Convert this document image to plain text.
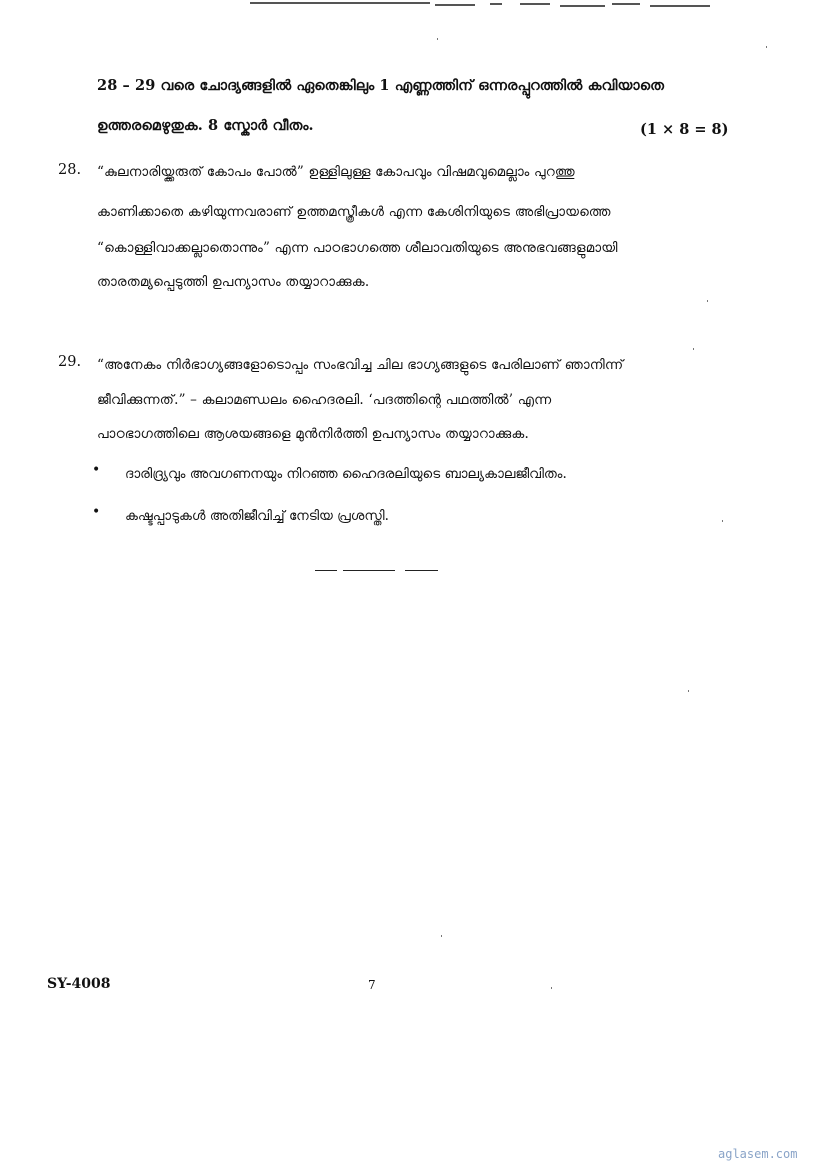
28 – 29 വരെ ചോദ്യങ്ങളിൽ ഏതെങ്കിലും 1 എണ്ണത്തിന് ഒന്നരപ്പുറത്തിൽ കവിയാതെ
ഉത്തരമെഴുതുക. 8 സ്കോർ വീതം.	(1 × 8 = 8)
28. “കുലനാരിയ്ക്കരുത് കോപം പോൽ” ഉള്ളിലുള്ള കോപവും വിഷമവുമെല്ലാം പുറത്തു
കാണിക്കാതെ കഴിയുന്നവരാണ് ഉത്തമസ്ത്രീകൾ എന്ന കേശിനിയുടെ അഭിപ്രായത്തെ
“കൊള്ളിവാക്കല്ലാതൊന്നും” എന്ന പാഠഭാഗത്തെ ശീലാവതിയുടെ അനുഭവങ്ങളുമായി
താരതമ്യപ്പെടുത്തി ഉപന്യാസം തയ്യാറാക്കുക.
29. “അനേകം നിർഭാഗ്യങ്ങളോടൊപ്പം സംഭവിച്ച ചില ഭാഗ്യങ്ങളുടെ പേരിലാണ് ഞാനിന്ന്
ജീവിക്കുന്നത്.” – കലാമണ്ഡലം ഹൈദരലി. ‘പദത്തിന്റെ പഥത്തിൽ’ എന്ന
പാഠഭാഗത്തിലെ ആശയങ്ങളെ മുൻനിർത്തി ഉപന്യാസം തയ്യാറാക്കുക.
• ദാരിദ്ര്യവും അവഗണനയും നിറഞ്ഞ ഹൈദരലിയുടെ ബാല്യകാലജീവിതം.
• കഷ്ടപ്പാടുകൾ അതിജീവിച്ച് നേടിയ പ്രശസ്തി.
SY-4008	7
aglasem.com
